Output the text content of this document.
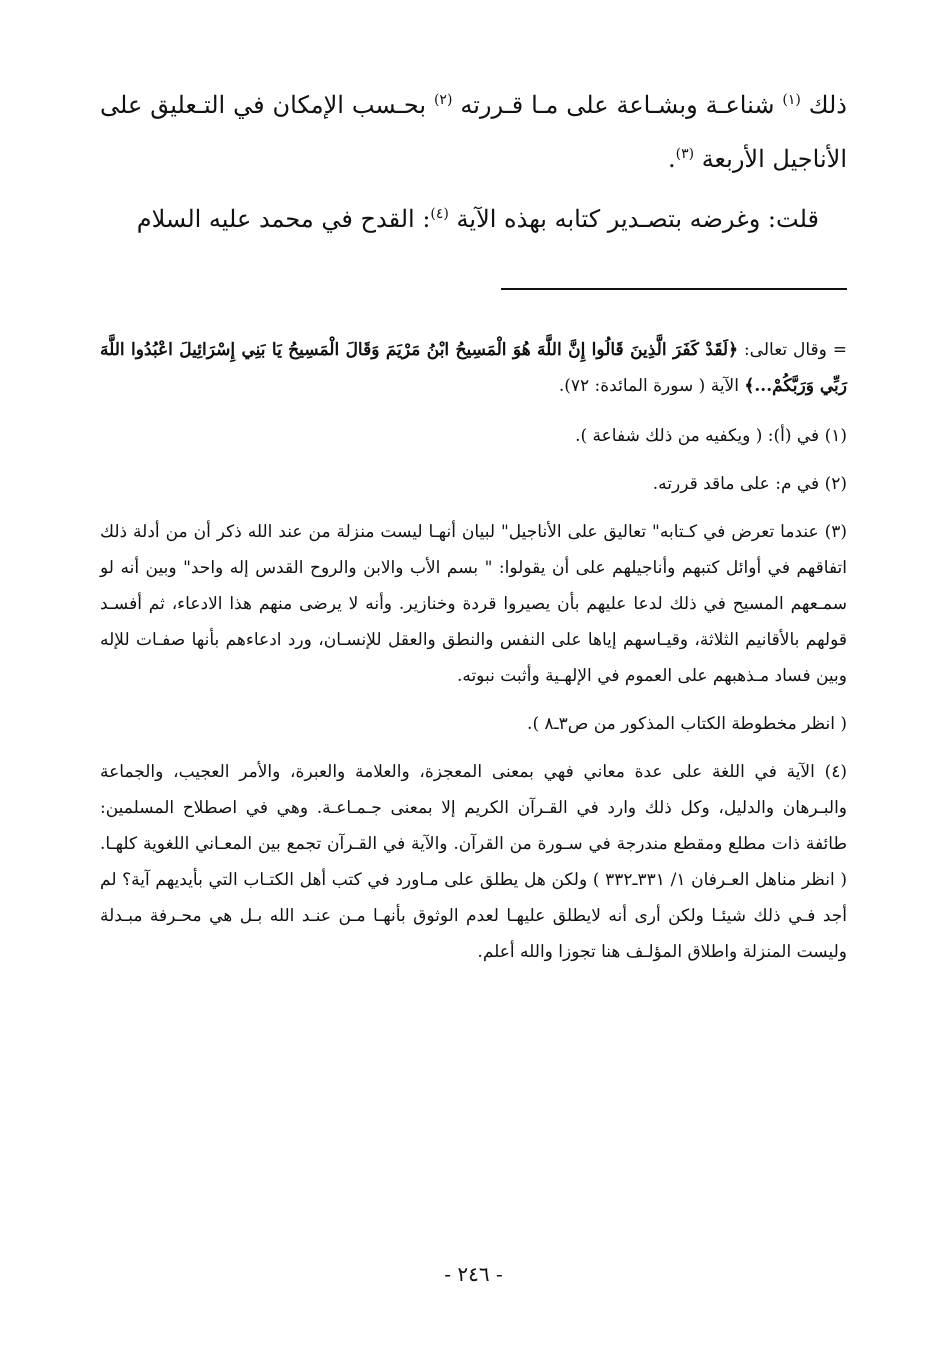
ذلك $^{(١)}$ شناعـة وبشـاعة على مـا قـررته $^{(٢)}$ بحـسب الإمكان في التـعليق على الأناجيل الأربعة $^{(٣)}$.

قلت: وغرضه بتصـدير كتابه بهذه الآية $^{(٤)}$: القدح في محمد عليه السلام

= وقال تعالى: ﴿لَقَدْ كَفَرَ الَّذِينَ قَالُوا إِنَّ اللَّهَ هُوَ الْمَسِيحُ ابْنُ مَرْيَمَ وَقَالَ الْمَسِيحُ يَا بَنِي إِسْرَائِيلَ اعْبُدُوا اللَّهَ رَبِّي وَرَبَّكُمْ...﴾ الآية ( سورة المائدة: ٧٢).

(١) في (أ): ( ويكفيه من ذلك شفاعة ).

(٢) في م: على ماقد قررته.

(٣) عندما تعرض في كـتابه" تعاليق على الأناجيل" لبيان أنهـا ليست منزلة من عند الله ذكر أن من أدلة ذلك اتفاقهم في أوائل كتبهم وأناجيلهم على أن يقولوا: " بسم الأب والابن والروح القدس إله واحد" وبين أنه لو سمـعهم المسيح في ذلك لدعا عليهم بأن يصيروا قردة وخنازير. وأنه لا يرضى منهم هذا الادعاء، ثم أفسـد قولهم بالأقانيم الثلاثة، وقيـاسهم إياها على النفس والنطق والعقل للإنسـان، ورد ادعاءهم بأنها صفـات للإله وبين فساد مـذهبهم على العموم في الإلهـية وأثبت نبوته.

( انظر مخطوطة الكتاب المذكور من ص٣ـ٨ ).

(٤) الآية في اللغة على عدة معاني فهي بمعنى المعجزة، والعلامة والعبرة، والأمر العجيب، والجماعة والبـرهان والدليل، وكل ذلك وارد في القـرآن الكريم إلا بمعنى جـمـاعـة. وهي في اصطلاح المسلمين: طائفة ذات مطلع ومقطع مندرجة في سـورة من القرآن. والآية في القـرآن تجمع بين المعـاني اللغوية كلهـا. ( انظر مناهل العـرفان ١/ ٣٣١ـ٣٣٢ ) ولكن هل يطلق على مـاورد في كتب أهل الكتـاب التي بأيديهم آية؟ لم أجد فـي ذلك شيئـا ولكن أرى أنه لايطلق عليهـا لعدم الوثوق بأنهـا مـن عنـد الله بـل هي محـرفة مبـدلة وليست المنزلة واطلاق المؤلـف هنا تجوزا والله أعلم.

- ٢٤٦ -
